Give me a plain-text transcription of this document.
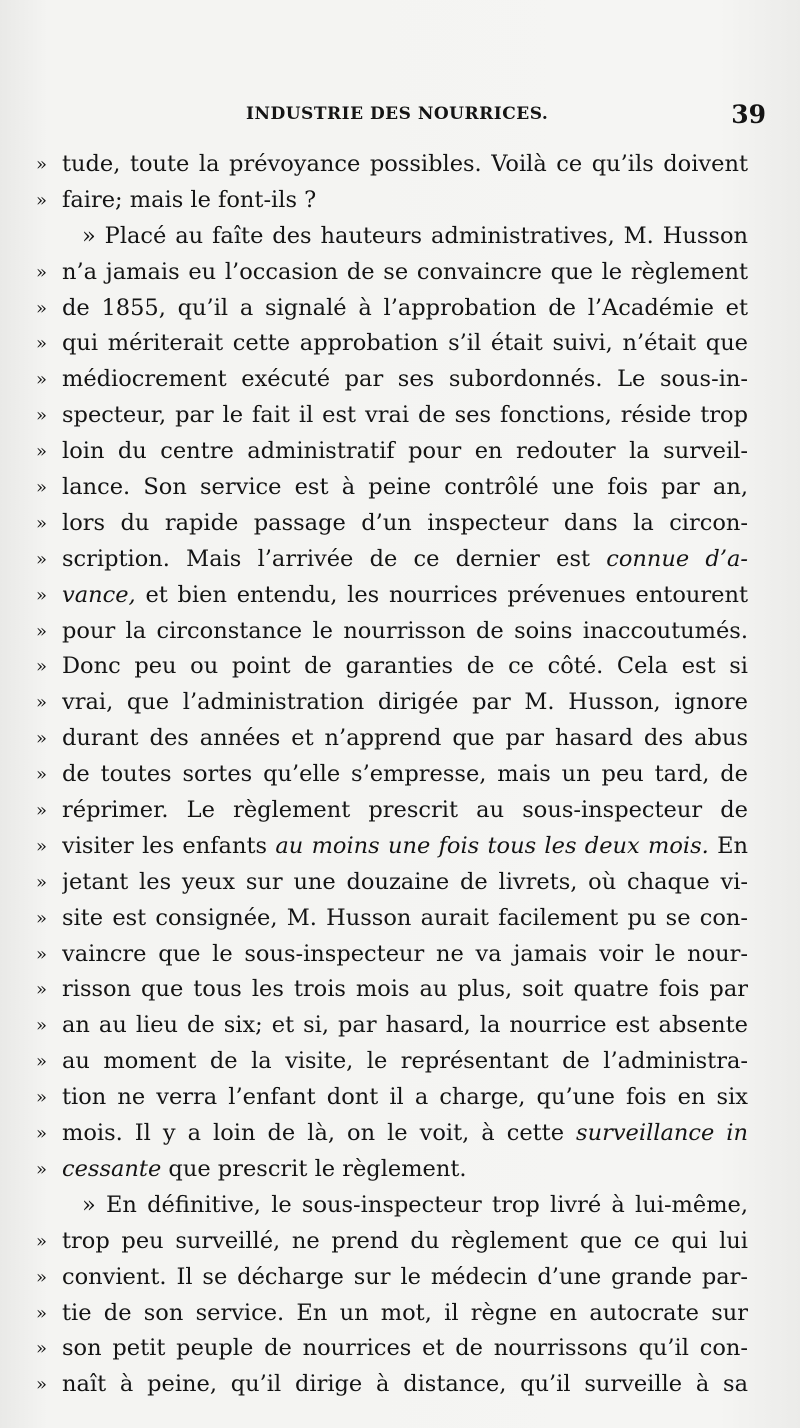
INDUSTRIE DES NOURRICES.	39
» tude, toute la prévoyance possibles. Voilà ce qu’ils doivent
» faire; mais le font-ils ?
» Placé au faîte des hauteurs administratives, M. Husson
» n’a jamais eu l’occasion de se convaincre que le règlement
» de 1855, qu’il a signalé à l’approbation de l’Académie et
» qui mériterait cette approbation s’il était suivi, n’était que
» médiocrement exécuté par ses subordonnés. Le sous-in-
» specteur, par le fait il est vrai de ses fonctions, réside trop
» loin du centre administratif pour en redouter la surveil-
» lance. Son service est à peine contrôlé une fois par an,
» lors du rapide passage d’un inspecteur dans la circon-
» scription. Mais l’arrivée de ce dernier est connue d’a-
» vance, et bien entendu, les nourrices prévenues entourent
» pour la circonstance le nourrisson de soins inaccoutumés.
» Donc peu ou point de garanties de ce côté. Cela est si
» vrai, que l’administration dirigée par M. Husson, ignore
» durant des années et n’apprend que par hasard des abus
» de toutes sortes qu’elle s’empresse, mais un peu tard, de
» réprimer. Le règlement prescrit au sous-inspecteur de
» visiter les enfants au moins une fois tous les deux mois. En
» jetant les yeux sur une douzaine de livrets, où chaque vi-
» site est consignée, M. Husson aurait facilement pu se con-
» vaincre que le sous-inspecteur ne va jamais voir le nour-
» risson que tous les trois mois au plus, soit quatre fois par
» an au lieu de six; et si, par hasard, la nourrice est absente
» au moment de la visite, le représentant de l’administra-
» tion ne verra l’enfant dont il a charge, qu’une fois en six
» mois. Il y a loin de là, on le voit, à cette surveillance in
» cessante que prescrit le règlement.
» En définitive, le sous-inspecteur trop livré à lui-même,
» trop peu surveillé, ne prend du règlement que ce qui lui
» convient. Il se décharge sur le médecin d’une grande par-
» tie de son service. En un mot, il règne en autocrate sur
» son petit peuple de nourrices et de nourrissons qu’il con-
» naît à peine, qu’il dirige à distance, qu’il surveille à sa
